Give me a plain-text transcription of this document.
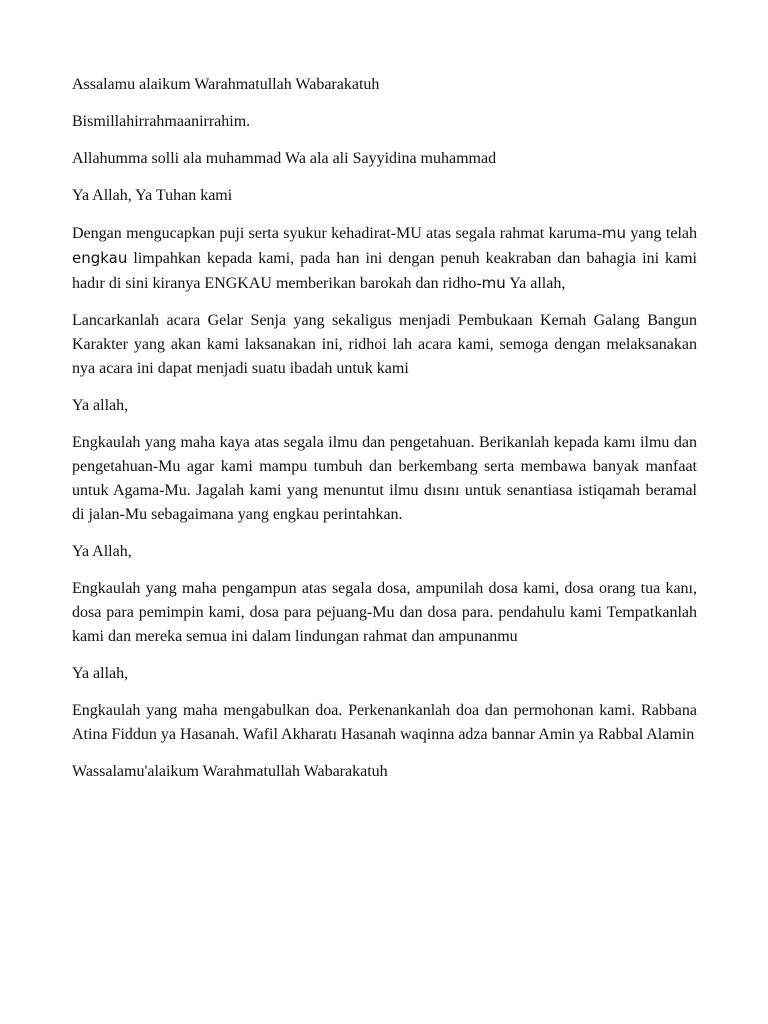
Assalamu alaikum Warahmatullah Wabarakatuh

Bismillahirrahmaanirrahim.

Allahumma solli ala muhammad Wa ala ali Sayyidina muhammad

Ya Allah, Ya Tuhan kami

Dengan mengucapkan puji serta syukur kehadirat-MU atas segala rahmat karuma-mu yang telah engkau limpahkan kepada kami, pada han ini dengan penuh keakraban dan bahagia ini kami hadır di sini kiranya ENGKAU memberikan barokah dan ridho-mu Ya allah,

Lancarkanlah acara Gelar Senja yang sekaligus menjadi Pembukaan Kemah Galang Bangun Karakter yang akan kami laksanakan ini, ridhoi lah acara kami, semoga dengan melaksanakan nya acara ini dapat menjadi suatu ibadah untuk kami

Ya allah,

Engkaulah yang maha kaya atas segala ilmu dan pengetahuan. Berikanlah kepada kamı ilmu dan pengetahuan-Mu agar kami mampu tumbuh dan berkembang serta membawa banyak manfaat untuk Agama-Mu. Jagalah kami yang menuntut ilmu dısını untuk senantiasa istiqamah beramal di jalan-Mu sebagaimana yang engkau perintahkan.

Ya Allah,

Engkaulah yang maha pengampun atas segala dosa, ampunilah dosa kami, dosa orang tua kanı, dosa para pemimpin kami, dosa para pejuang-Mu dan dosa para. pendahulu kami Tempatkanlah kami dan mereka semua ini dalam lindungan rahmat dan ampunanmu

Ya allah,

Engkaulah yang maha mengabulkan doa. Perkenankanlah doa dan permohonan kami. Rabbana Atina Fiddun ya Hasanah. Wafil Akharatı Hasanah waqinna adza bannar Amin ya Rabbal Alamin

Wassalamu'alaikum Warahmatullah Wabarakatuh
